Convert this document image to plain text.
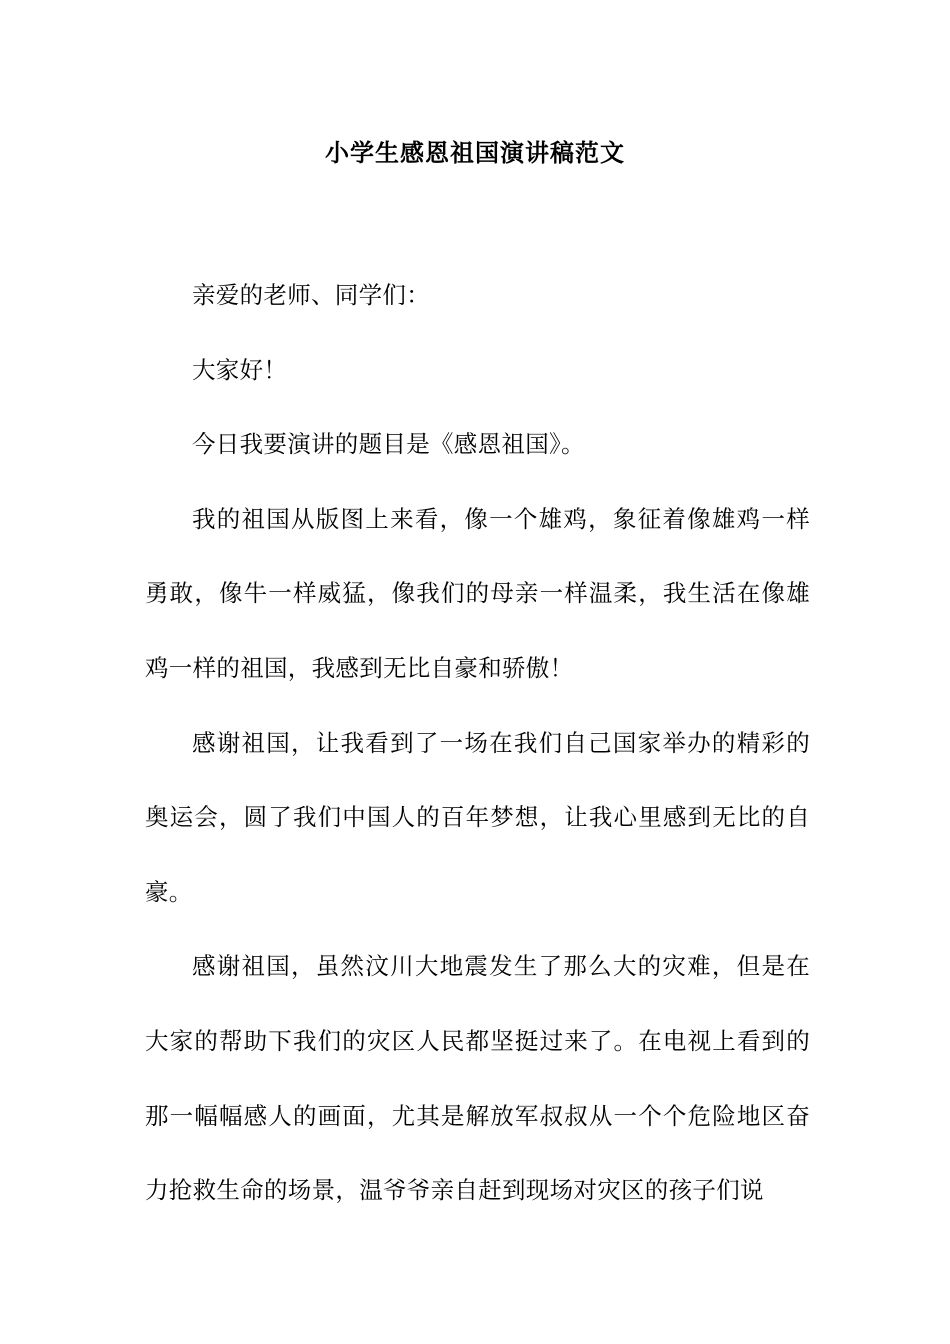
小学生感恩祖国演讲稿范文

亲爱的老师、同学们：

大家好！

今日我要演讲的题目是《感恩祖国》。

我的祖国从版图上来看，像一个雄鸡，象征着像雄鸡一样勇敢，像牛一样威猛，像我们的母亲一样温柔，我生活在像雄鸡一样的祖国，我感到无比自豪和骄傲！

感谢祖国，让我看到了一场在我们自己国家举办的精彩的奥运会，圆了我们中国人的百年梦想，让我心里感到无比的自豪。

感谢祖国，虽然汶川大地震发生了那么大的灾难，但是在大家的帮助下我们的灾区人民都坚挺过来了。在电视上看到的那一幅幅感人的画面，尤其是解放军叔叔从一个个危险地区奋力抢救生命的场景，温爷爷亲自赶到现场对灾区的孩子们说
